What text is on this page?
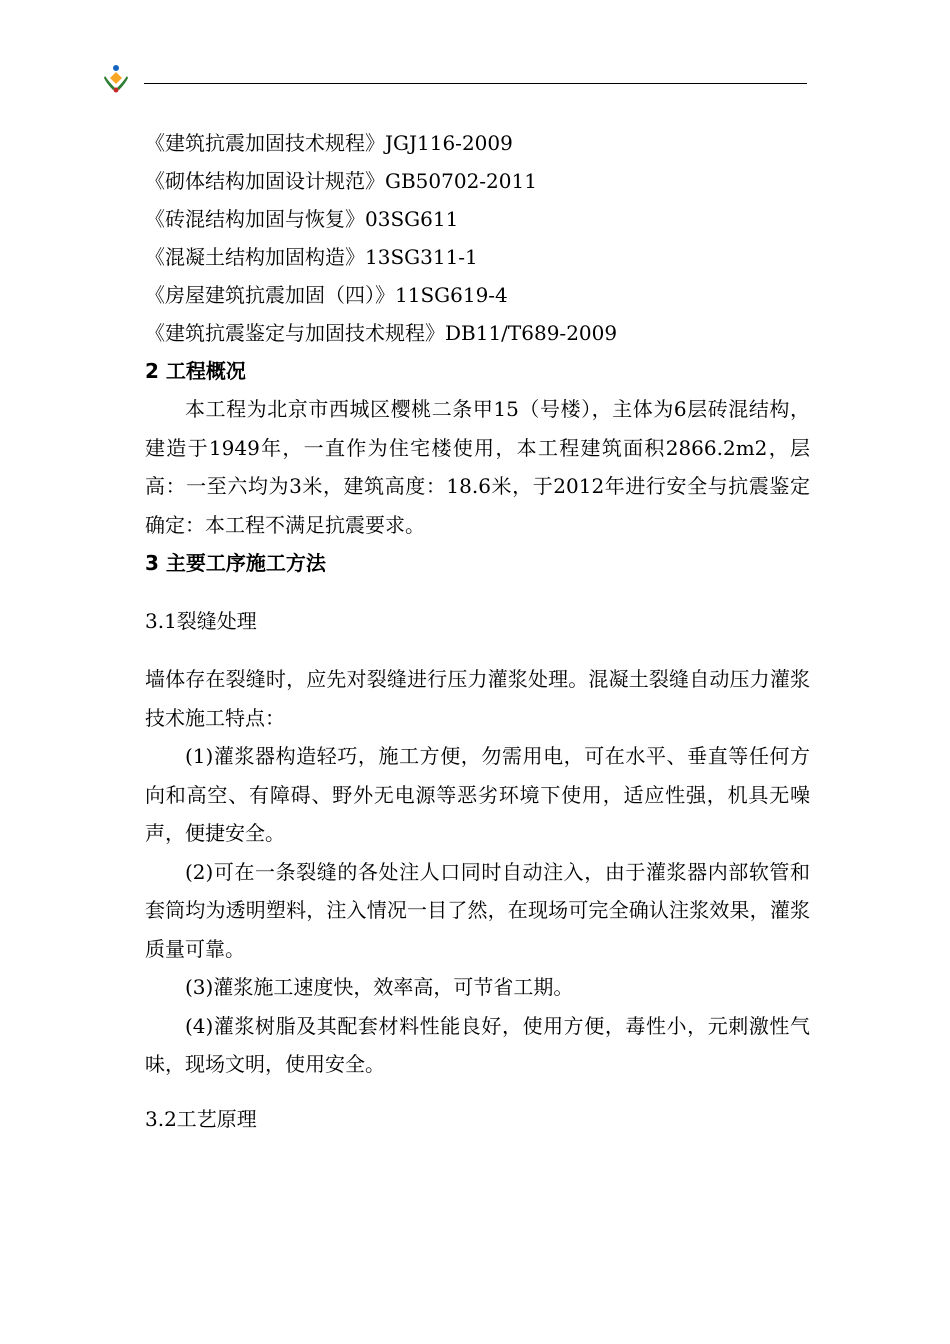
《建筑抗震加固技术规程》JGJ116-2009
《砌体结构加固设计规范》GB50702-2011
《砖混结构加固与恢复》03SG611
《混凝土结构加固构造》13SG311-1
《房屋建筑抗震加固（四）》11SG619-4
《建筑抗震鉴定与加固技术规程》DB11/T689-2009
2 工程概况
本工程为北京市西城区樱桃二条甲15（号楼），主体为6层砖混结构，建造于1949年，一直作为住宅楼使用，本工程建筑面积2866.2m2，层高：一至六均为3米，建筑高度：18.6米，于2012年进行安全与抗震鉴定确定：本工程不满足抗震要求。
3 主要工序施工方法
3.1裂缝处理
墙体存在裂缝时，应先对裂缝进行压力灌浆处理。混凝土裂缝自动压力灌浆技术施工特点：
(1)灌浆器构造轻巧，施工方便，勿需用电，可在水平、垂直等任何方向和高空、有障碍、野外无电源等恶劣环境下使用，适应性强，机具无噪声，便捷安全。
(2)可在一条裂缝的各处注人口同时自动注入，由于灌浆器内部软管和套筒均为透明塑料，注入情况一目了然，在现场可完全确认注浆效果，灌浆质量可靠。
(3)灌浆施工速度快，效率高，可节省工期。
(4)灌浆树脂及其配套材料性能良好，使用方便，毒性小，元刺激性气味，现场文明，使用安全。
3.2工艺原理
